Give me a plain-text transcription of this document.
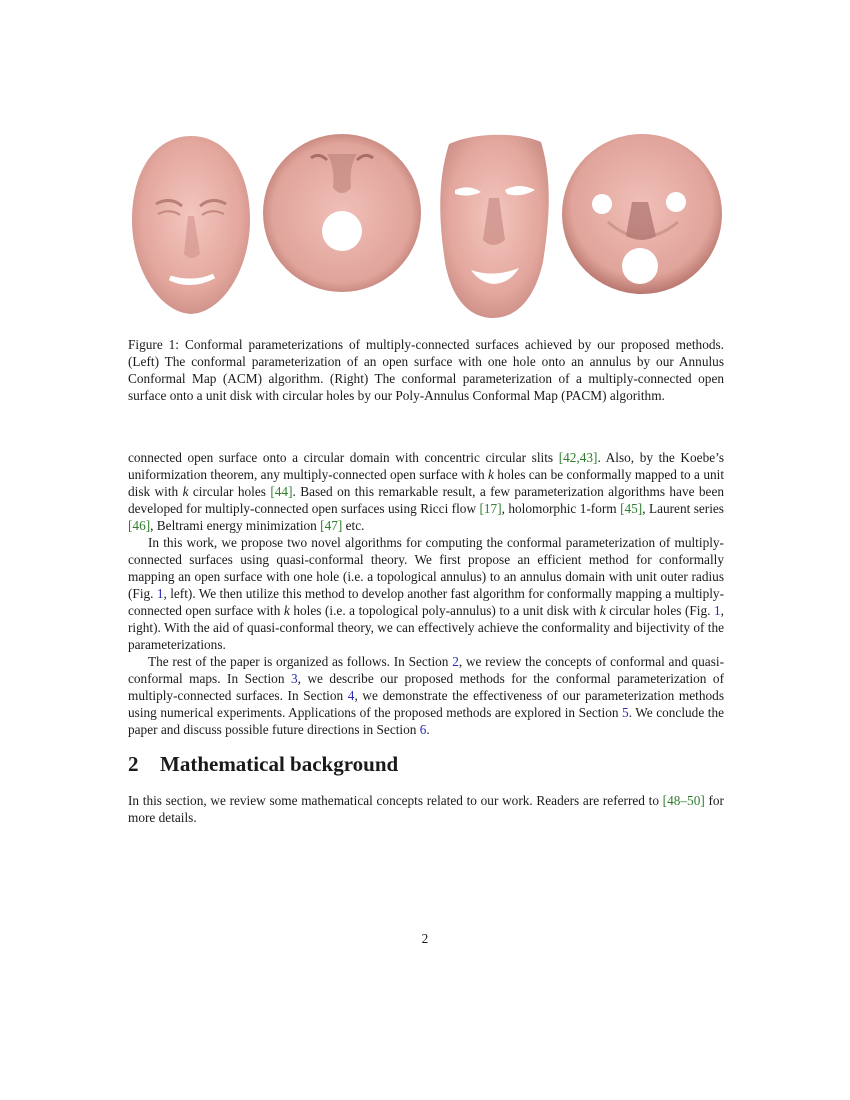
Figure 1: Conformal parameterizations of multiply-connected surfaces achieved by our proposed methods. (Left) The conformal parameterization of an open surface with one hole onto an annulus by our Annulus Conformal Map (ACM) algorithm. (Right) The conformal parameterization of a multiply-connected open surface onto a unit disk with circular holes by our Poly-Annulus Conformal Map (PACM) algorithm.

connected open surface onto a circular domain with concentric circular slits [42,43]. Also, by the Koebe’s uniformization theorem, any multiply-connected open surface with k holes can be conformally mapped to a unit disk with k circular holes [44]. Based on this remarkable result, a few parameterization algorithms have been developed for multiply-connected open surfaces using Ricci flow [17], holomorphic 1-form [45], Laurent series [46], Beltrami energy minimization [47] etc.

In this work, we propose two novel algorithms for computing the conformal parameterization of multiply-connected surfaces using quasi-conformal theory. We first propose an efficient method for conformally mapping an open surface with one hole (i.e. a topological annulus) to an annulus domain with unit outer radius (Fig. 1, left). We then utilize this method to develop another fast algorithm for conformally mapping a multiply-connected open surface with k holes (i.e. a topological poly-annulus) to a unit disk with k circular holes (Fig. 1, right). With the aid of quasi-conformal theory, we can effectively achieve the conformality and bijectivity of the parameterizations.

The rest of the paper is organized as follows. In Section 2, we review the concepts of conformal and quasi-conformal maps. In Section 3, we describe our proposed methods for the conformal parameterization of multiply-connected surfaces. In Section 4, we demonstrate the effectiveness of our parameterization methods using numerical experiments. Applications of the proposed methods are explored in Section 5. We conclude the paper and discuss possible future directions in Section 6.

2 Mathematical background

In this section, we review some mathematical concepts related to our work. Readers are referred to [48–50] for more details.

2
